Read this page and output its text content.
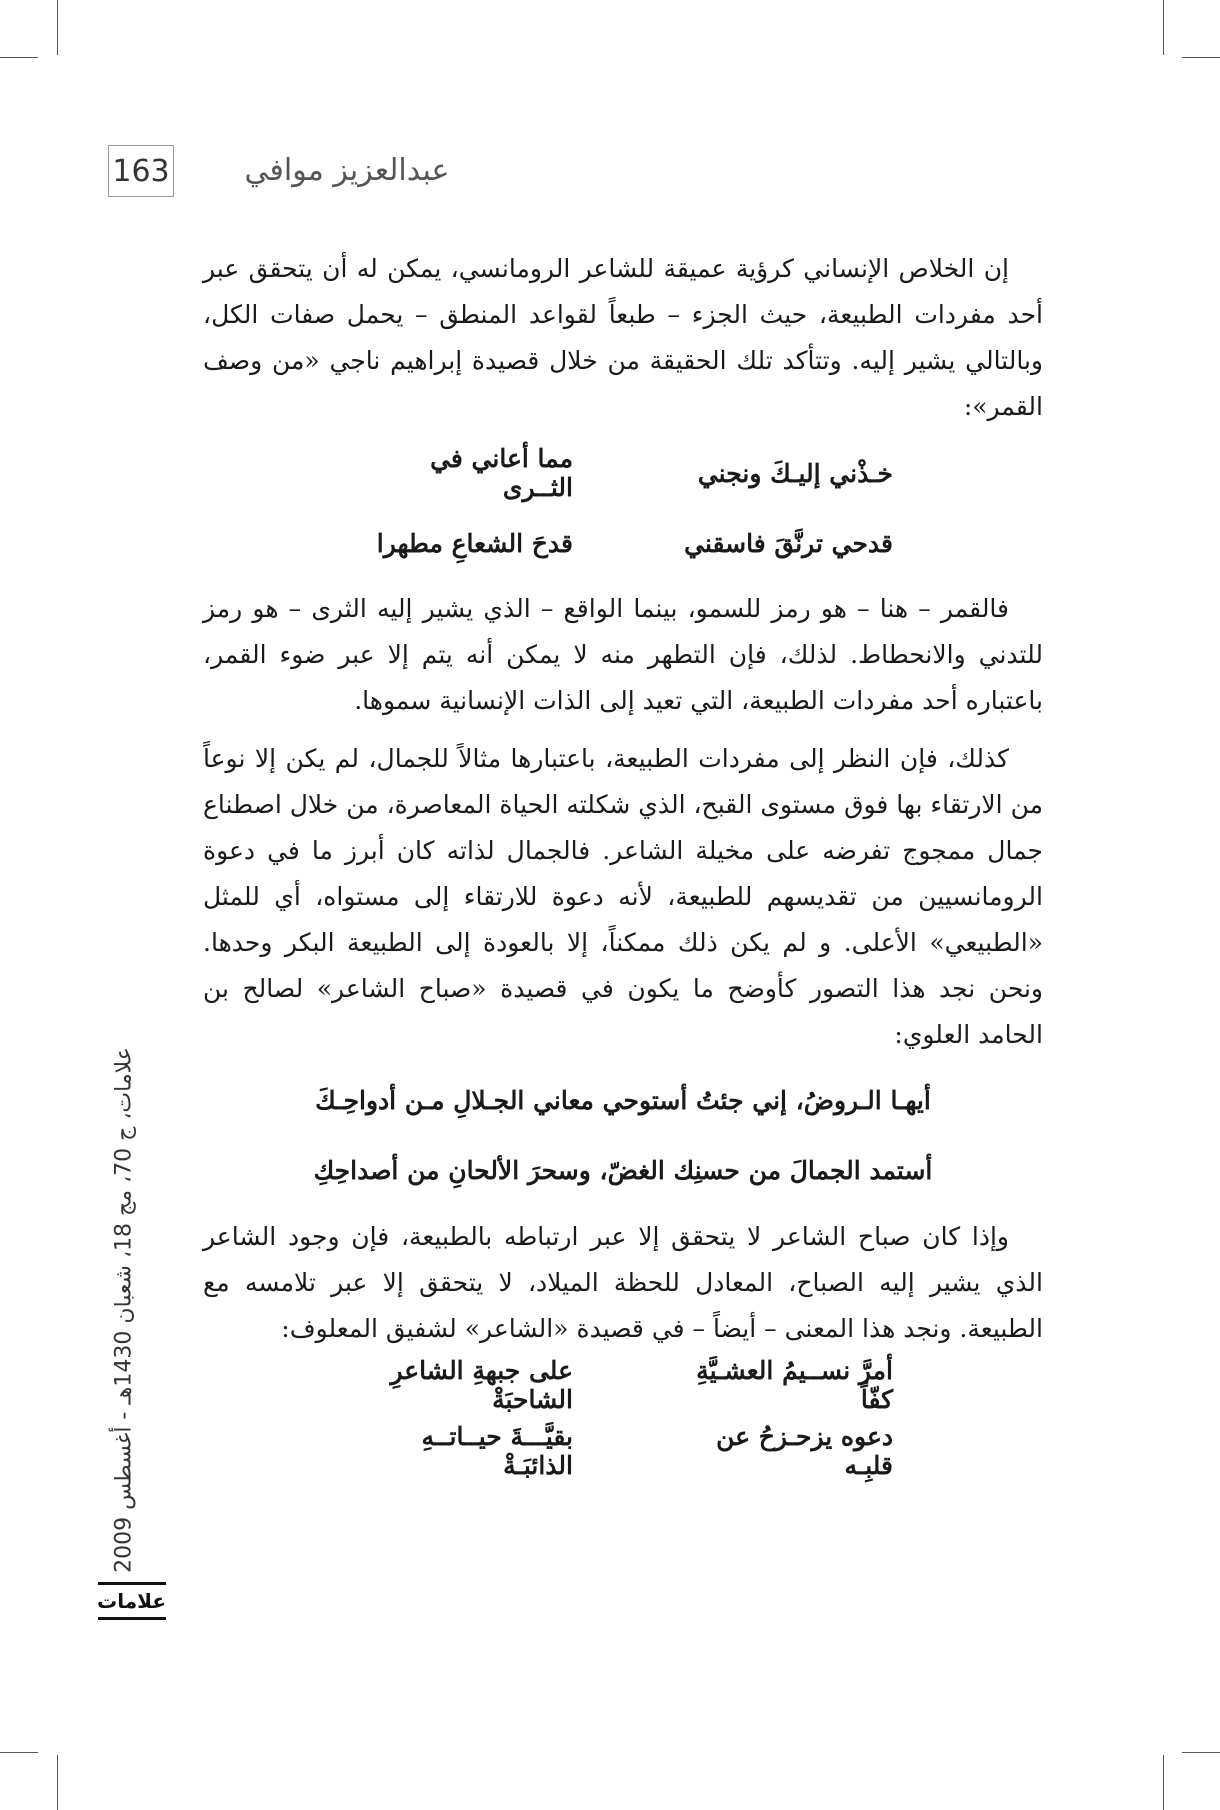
163	عبدالعزيز موافي

إن الخلاص الإنساني كرؤية عميقة للشاعر الرومانسي، يمكن له أن يتحقق عبر أحد مفردات الطبيعة، حيث الجزء – طبعاً لقواعد المنطق – يحمل صفات الكل، وبالتالي يشير إليه. وتتأكد تلك الحقيقة من خلال قصيدة إبراهيم ناجي «من وصف القمر»:

خـذْني إليـكَ ونجني
مما أعاني في الثــرى
قدحي ترنَّقَ فاسقني
قدحَ الشعاعِ مطهرا

فالقمر – هنا – هو رمز للسمو، بينما الواقع – الذي يشير إليه الثرى – هو رمز للتدني والانحطاط. لذلك، فإن التطهر منه لا يمكن أنه يتم إلا عبر ضوء القمر، باعتباره أحد مفردات الطبيعة، التي تعيد إلى الذات الإنسانية سموها.

كذلك، فإن النظر إلى مفردات الطبيعة، باعتبارها مثالاً للجمال، لم يكن إلا نوعاً من الارتقاء بها فوق مستوى القبح، الذي شكلته الحياة المعاصرة، من خلال اصطناع جمال ممجوج تفرضه على مخيلة الشاعر. فالجمال لذاته كان أبرز ما في دعوة الرومانسيين من تقديسهم للطبيعة، لأنه دعوة للارتقاء إلى مستواه، أي للمثل «الطبيعي» الأعلى. و لم يكن ذلك ممكناً، إلا بالعودة إلى الطبيعة البكر وحدها. ونحن نجد هذا التصور كأوضح ما يكون في قصيدة «صباح الشاعر» لصالح بن الحامد العلوي:

أيهـا الـروضُ، إني جئتُ أستوحي معاني الجـلالِ مـن أدواحِـكَ
أستمد الجمالَ من حسنِك الغضّ، وسحرَ الألحانِ من أصداحِكِ

وإذا كان صباح الشاعر لا يتحقق إلا عبر ارتباطه بالطبيعة، فإن وجود الشاعر الذي يشير إليه الصباح، المعادل للحظة الميلاد، لا يتحقق إلا عبر تلامسه مع الطبيعة. ونجد هذا المعنى – أيضاً – في قصيدة «الشاعر» لشفيق المعلوف:

أمرَّ نســيمُ العشـيَّةِ كفّاً
على جبهةِ الشاعرِ الشاحبَةْ
دعوه يزحـزحُ عن قلبِـه
بقيَّـــةَ حيــاتــهِ الذائبَـةْ
علامات، ج 70، مج 18، شعبان 1430هـ - أغسطس 2009
علامات
